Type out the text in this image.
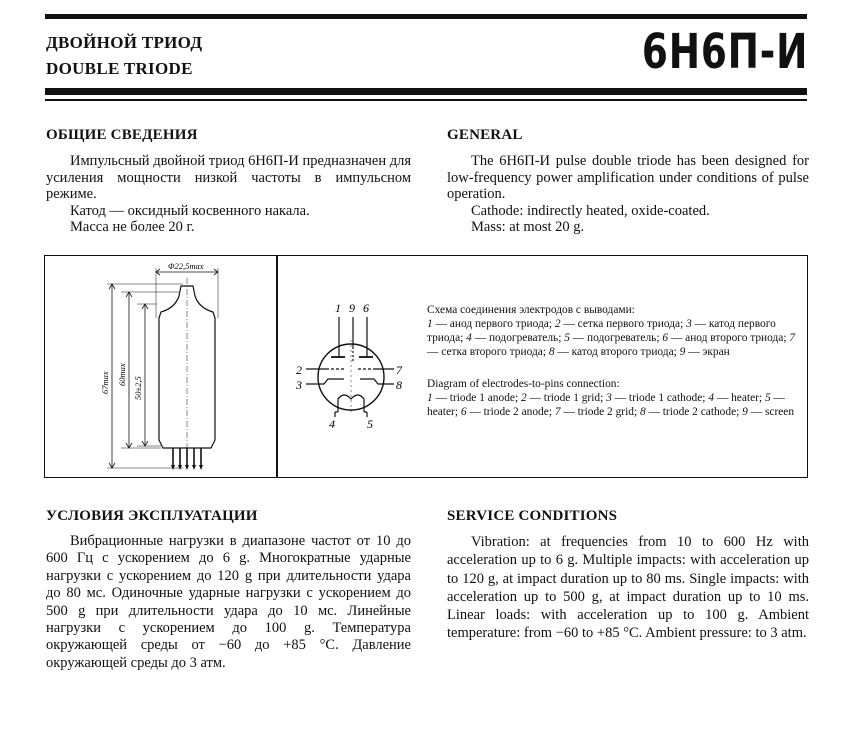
ДВОЙНОЙ ТРИОД
DOUBLE TRIODE	6Н6П-И
ОБЩИЕ СВЕДЕНИЯ	GENERAL

Импульсный двойной триод 6Н6П-И предназначен для усиления мощности низкой частоты в импульсном режиме.

Катод — оксидный косвенного накала.

Масса не более 20 г.

The 6Н6П-И pulse double triode has been designed for low-frequency power amplification under conditions of pulse operation.

Cathode: indirectly heated, oxide-coated.

Mass: at most 20 g.

Φ22,5max
67max 60max
50±2,5
1 9 6
2
3
7
8
4	5
Схема соединения электродов с выводами:
1 — анод первого триода; 2 — сетка первого триода; 3 — катод первого триода; 4 — подогреватель; 5 — подогреватель; 6 — анод второго триода; 7 — сетка второго триода; 8 — катод второго триода; 9 — экран
Diagram of electrodes-to-pins connection:
1 — triode 1 anode; 2 — triode 1 grid; 3 — triode 1 cathode; 4 — heater; 5 — heater; 6 — triode 2 anode; 7 — triode 2 grid; 8 — triode 2 cathode; 9 — screen
УСЛОВИЯ ЭКСПЛУАТАЦИИ	SERVICE CONDITIONS

Вибрационные нагрузки в диапазоне частот от 10 до 600 Гц с ускорением до 6 g. Многократные ударные нагрузки с ускорением до 120 g при длительности удара до 80 мс. Одиночные ударные нагрузки с ускорением до 500 g при длительности удара до 10 мс. Линейные нагрузки с ускорением до 100 g. Температура окружающей среды от −60 до +85 °С. Давление окружающей среды до 3 атм.

Vibration: at frequencies from 10 to 600 Hz with acceleration up to 6 g. Multiple impacts: with acceleration up to 120 g, at impact duration up to 80 ms. Single impacts: with acceleration up to 500 g, at impact duration up to 10 ms. Linear loads: with acceleration up to 100 g. Ambient temperature: from −60 to +85 °C. Ambient pressure: to 3 atm.
